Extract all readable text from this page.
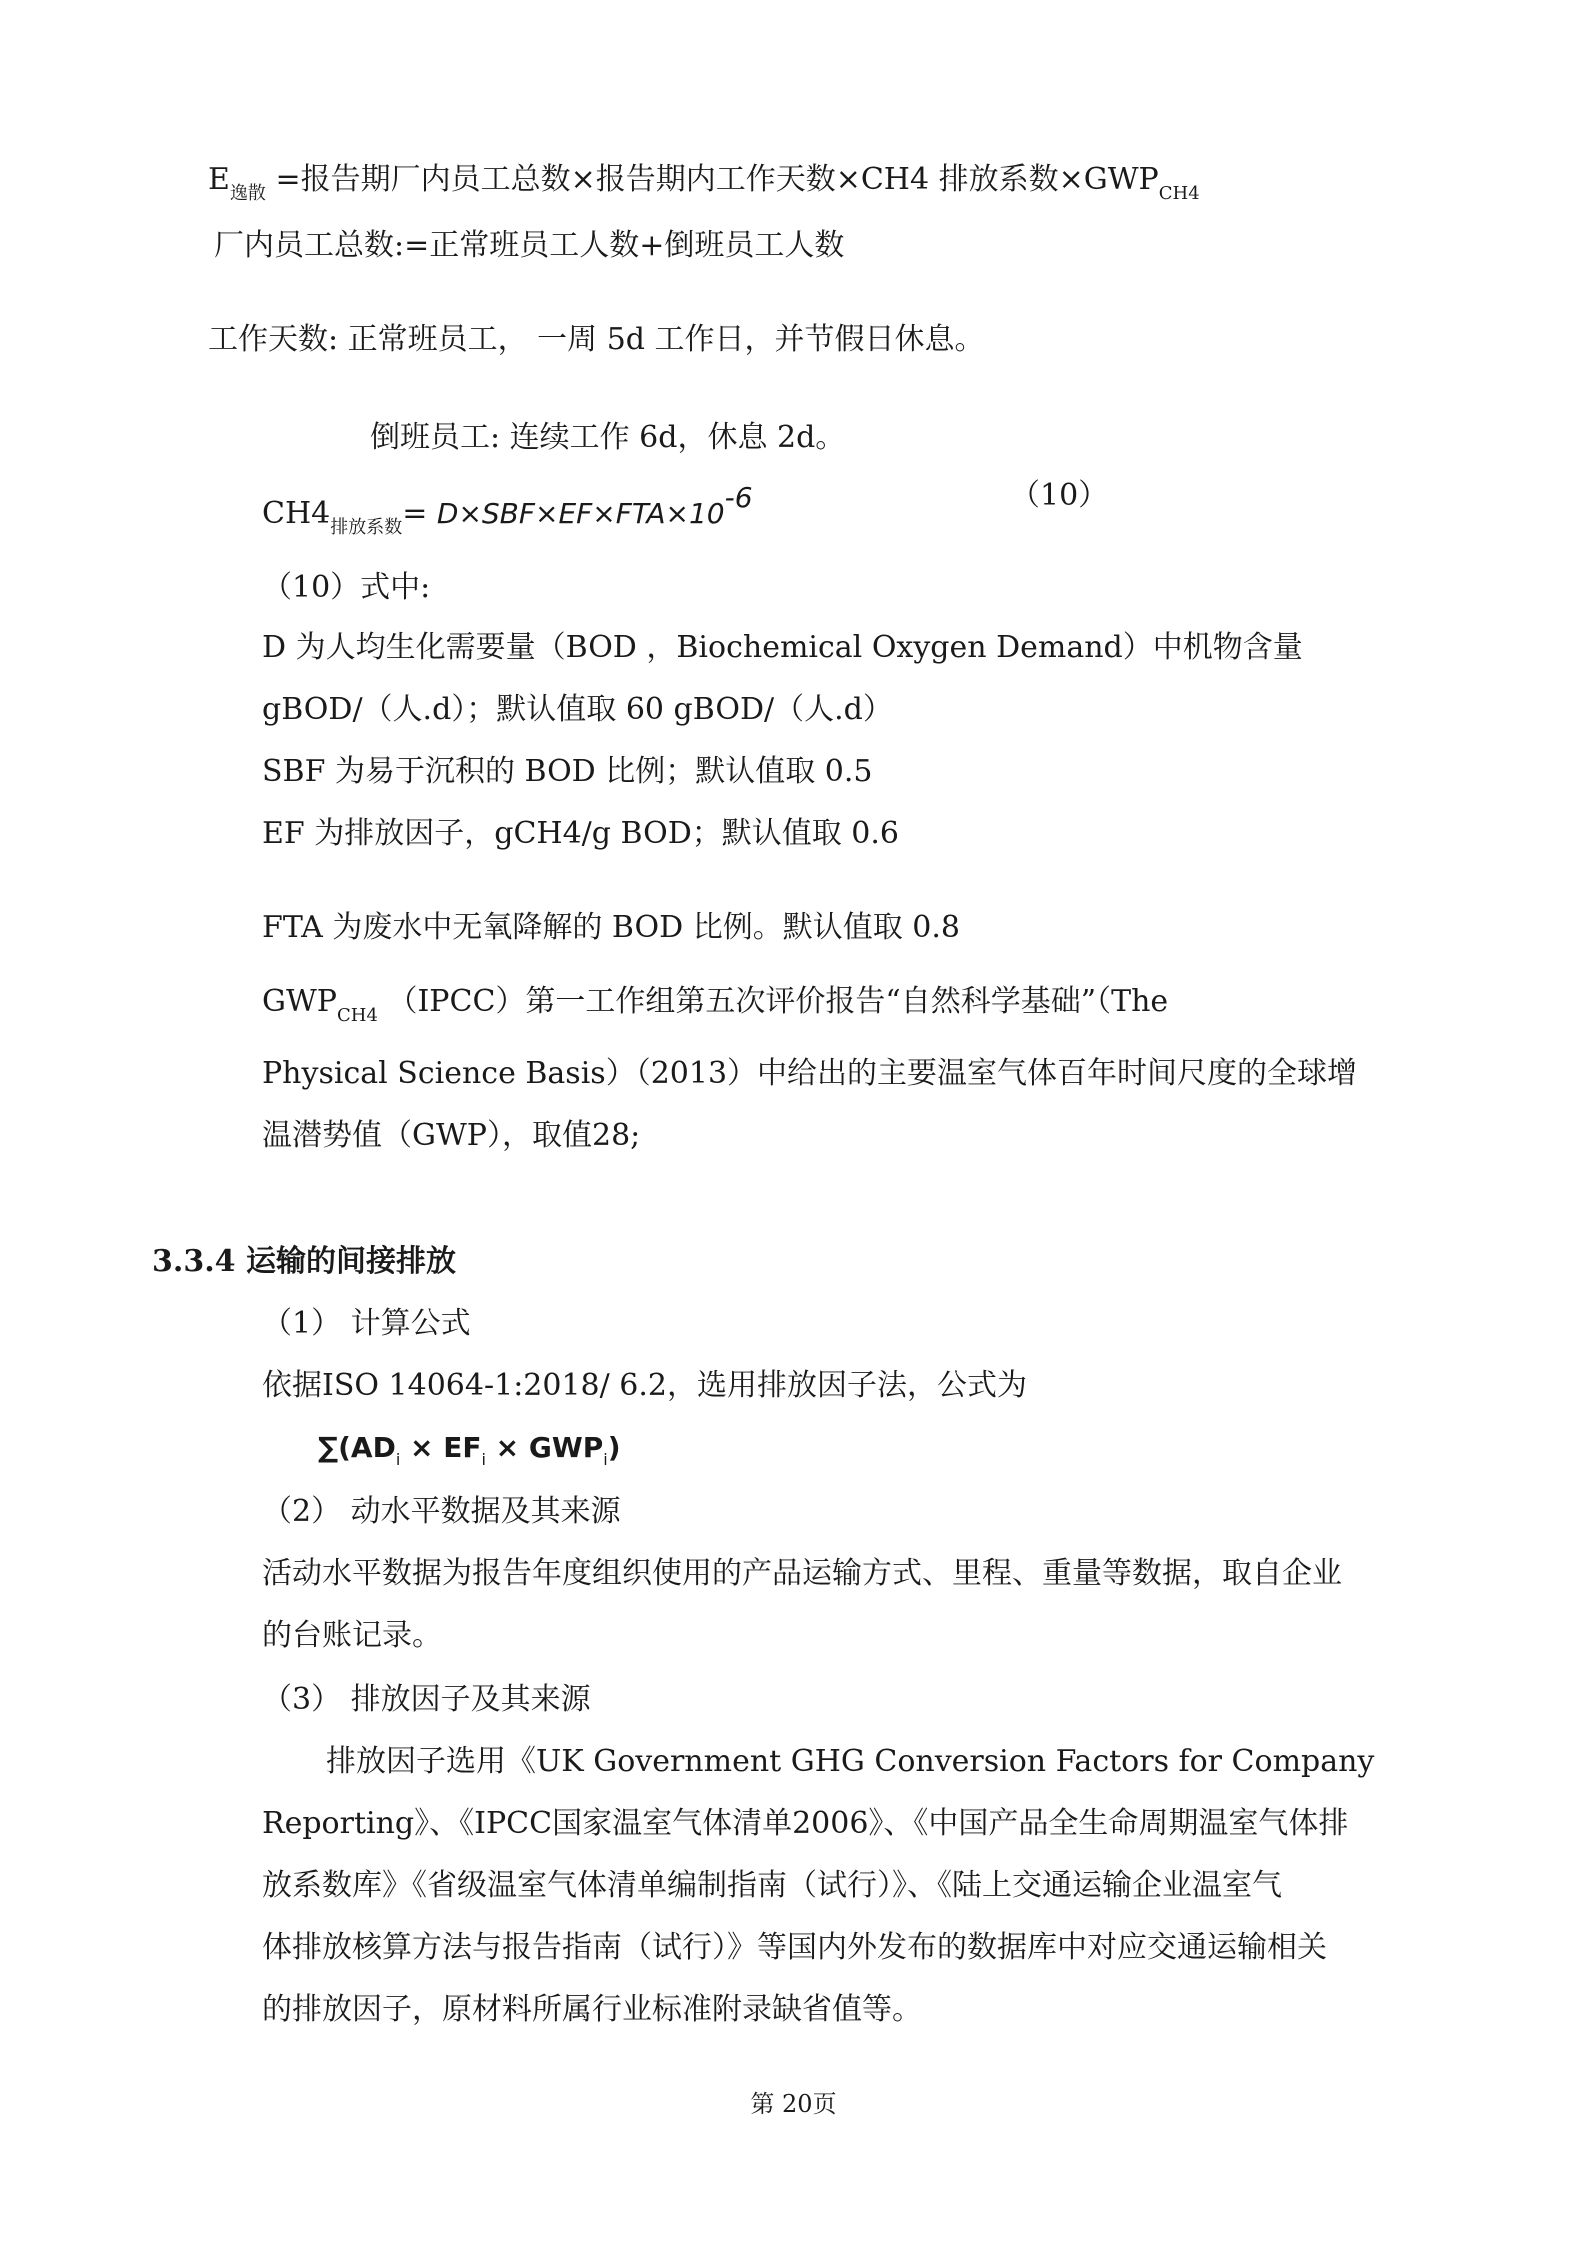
$E_{逸散}$ =报告期厂内员工总数×报告期内工作天数×CH4 排放系数$\times GWP_{CH4}$
厂内员工总数:=正常班员工人数+倒班员工人数
工作天数: 正常班员工， 一周 5d 工作日，并节假日休息。
倒班员工: 连续工作 6d，休息 2d。
$CH4_{排放系数}= D\times SBF\times EF\times FTA\times 10-6$	（10）
（10）式中:
D 为人均生化需要量（BOD ，Biochemical Oxygen Demand）中机物含量
gBOD/（人.d）；默认值取 60 gBOD/（人.d）
SBF 为易于沉积的 BOD 比例；默认值取 0.5
EF 为排放因子，gCH4/g BOD；默认值取 0.6
FTA 为废水中无氧降解的 BOD 比例。默认值取 0.8
$GWP_{CH4}$ （IPCC）第一工作组第五次评价报告“自然科学基础”（The
Physical Science Basis）（2013）中给出的主要温室气体百年时间尺度的全球增
温潜势值（GWP），取值28;
3.3.4 运输的间接排放
（1） 计算公式
依据ISO 14064-1:2018/ 6.2，选用排放因子法，公式为
$\sum(AD_i \times EF_i \times GWP_i)$
（2） 动水平数据及其来源
活动水平数据为报告年度组织使用的产品运输方式、里程、重量等数据，取自企业
的台账记录。
（3） 排放因子及其来源
排放因子选用《UK Government GHG Conversion Factors for Company
Reporting》、《IPCC国家温室气体清单2006》、《中国产品全生命周期温室气体排
放系数库》《省级温室气体清单编制指南（试行）》、《陆上交通运输企业温室气
体排放核算方法与报告指南（试行）》等国内外发布的数据库中对应交通运输相关
的排放因子，原材料所属行业标准附录缺省值等。
第 20页
